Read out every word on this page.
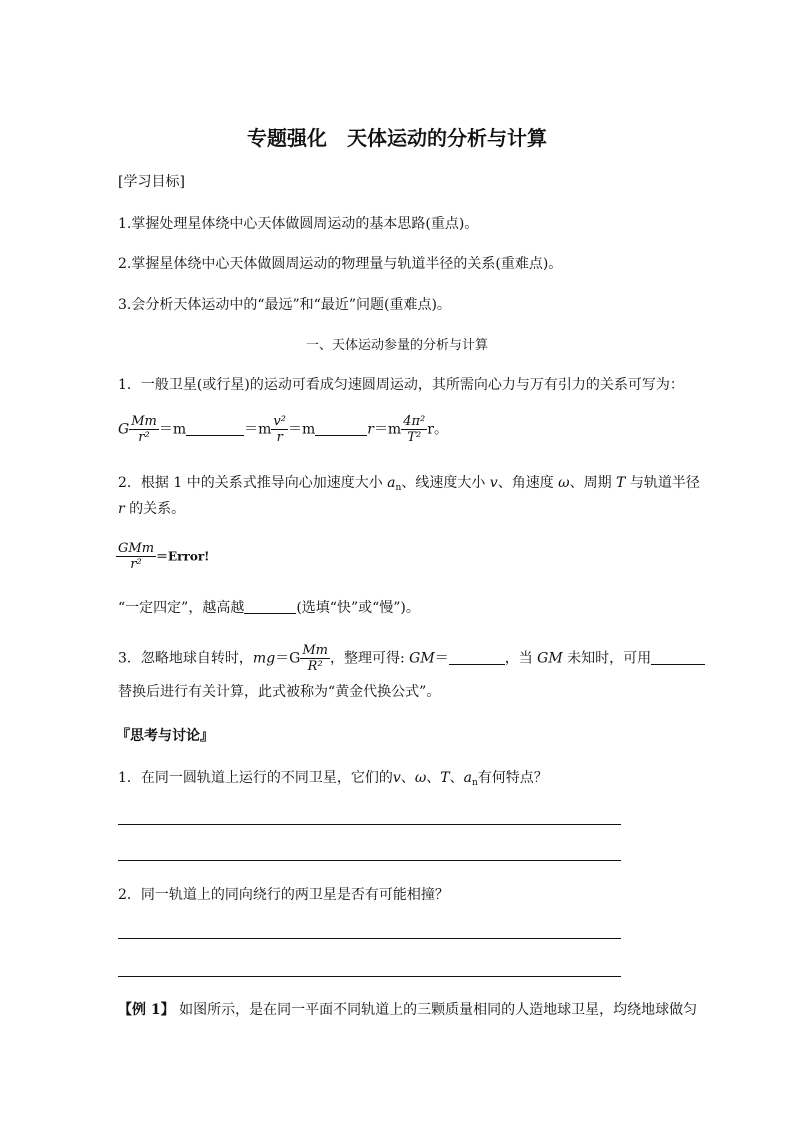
专题强化　天体运动的分析与计算
[学习目标]
1.掌握处理星体绕中心天体做圆周运动的基本思路(重点)。
2.掌握星体绕中心天体做圆周运动的物理量与轨道半径的关系(重难点)。
3.会分析天体运动中的“最远”和“最近”问题(重难点)。
一、天体运动参量的分析与计算
1．一般卫星(或行星)的运动可看成匀速圆周运动，其所需向心力与万有引力的关系可写为：
G $\frac{Mm}{\text{r²}} =m$	$=m \frac{\text{v²}}{r} =m$	$r=m \frac{\text{4π²}}{\text{T²}}$ r。
2．根据 1 中的关系式推导向心加速度大小 $a_n$、线速度大小 v、角速度 ω、周期 T 与轨道半径
r 的关系。
$\frac{\text{GMm}}{\text{r²}}$ ＝Error!
“一定四定”，越高越	(选填“快”或“慢”)。
3．忽略地球自转时，$mg=G \frac{Mm}{\text{R²}}$ ，整理可得: GM＝	，当 GM 未知时，可用
替换后进行有关计算，此式被称为“黄金代换公式”。
『思考与讨论』
1．在同一圆轨道上运行的不同卫星，它们的v、ω、T、$a_n$有何特点？
2．同一轨道上的同向绕行的两卫星是否有可能相撞？
【例 1】 如图所示，是在同一平面不同轨道上的三颗质量相同的人造地球卫星，均绕地球做匀
